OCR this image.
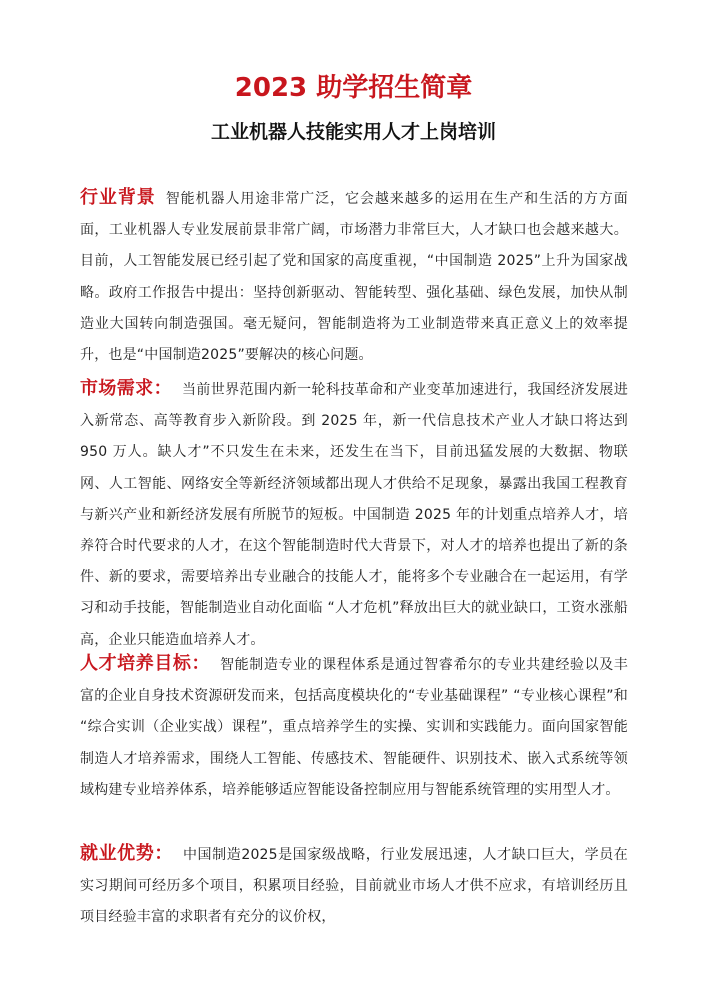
2023 助学招生简章
工业机器人技能实用人才上岗培训

行业背景 智能机器人用途非常广泛，它会越来越多的运用在生产和生活的方方面面，工业机器人专业发展前景非常广阔，市场潜力非常巨大，人才缺口也会越来越大。目前，人工智能发展已经引起了党和国家的高度重视，“中国制造 2025”上升为国家战略。政府工作报告中提出：坚持创新驱动、智能转型、强化基础、绿色发展，加快从制造业大国转向制造强国。毫无疑问，智能制造将为工业制造带来真正意义上的效率提升，也是“中国制造2025”要解决的核心问题。

市场需求： 当前世界范围内新一轮科技革命和产业变革加速进行，我国经济发展进入新常态、高等教育步入新阶段。到 2025 年，新一代信息技术产业人才缺口将达到 950 万人。缺人才”不只发生在未来，还发生在当下，目前迅猛发展的大数据、物联网、人工智能、网络安全等新经济领域都出现人才供给不足现象，暴露出我国工程教育与新兴产业和新经济发展有所脱节的短板。中国制造 2025 年的计划重点培养人才，培养符合时代要求的人才，在这个智能制造时代大背景下，对人才的培养也提出了新的条件、新的要求，需要培养出专业融合的技能人才，能将多个专业融合在一起运用，有学习和动手技能，智能制造业自动化面临 “人才危机”释放出巨大的就业缺口，工资水涨船高，企业只能造血培养人才。

人才培养目标： 智能制造专业的课程体系是通过智睿希尔的专业共建经验以及丰富的企业自身技术资源研发而来，包括高度模块化的“专业基础课程” “专业核心课程”和 “综合实训（企业实战）课程”，重点培养学生的实操、实训和实践能力。面向国家智能制造人才培养需求，围绕人工智能、传感技术、智能硬件、识别技术、嵌入式系统等领域构建专业培养体系，培养能够适应智能设备控制应用与智能系统管理的实用型人才。

就业优势： 中国制造2025是国家级战略，行业发展迅速，人才缺口巨大，学员在实习期间可经历多个项目，积累项目经验，目前就业市场人才供不应求，有培训经历且项目经验丰富的求职者有充分的议价权，
